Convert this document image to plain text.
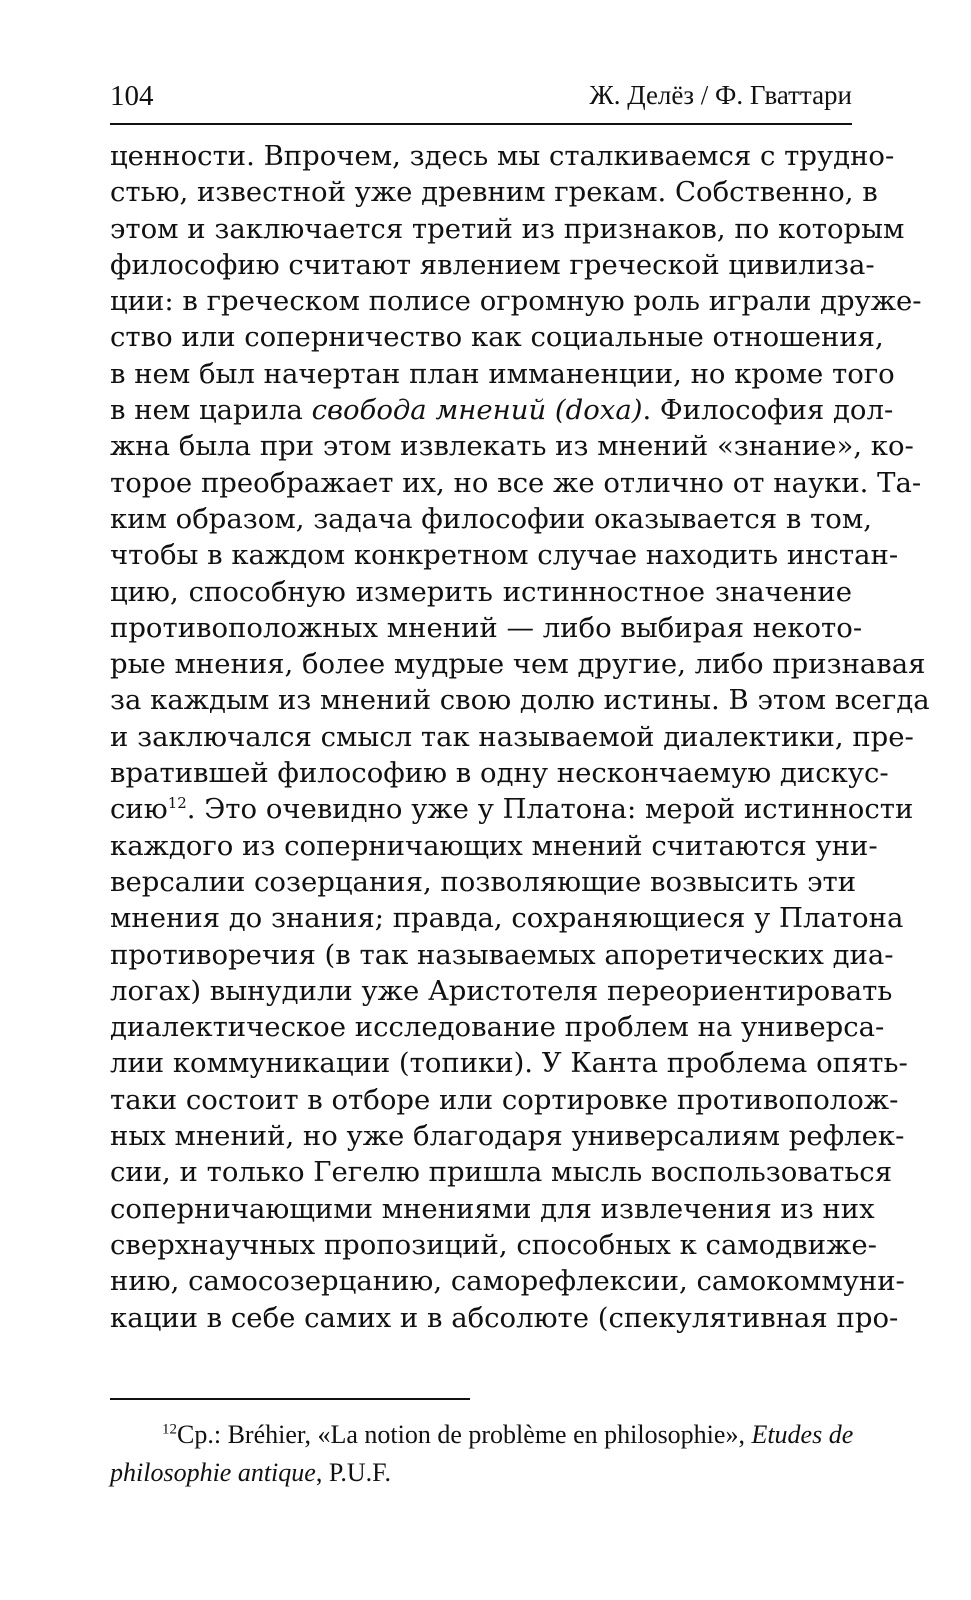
104	Ж. Делёз / Ф. Гваттари
ценности. Впрочем, здесь мы сталкиваемся с трудно-
стью, известной уже древним грекам. Собственно, в
этом и заключается третий из признаков, по которым
философию считают явлением греческой цивилиза-
ции: в греческом полисе огромную роль играли друже-
ство или соперничество как социальные отношения,
в нем был начертан план имманенции, но кроме того
в нем царила свобода мнений (doxa). Философия дол-
жна была при этом извлекать из мнений «знание», ко-
торое преображает их, но все же отлично от науки. Та-
ким образом, задача философии оказывается в том,
чтобы в каждом конкретном случае находить инстан-
цию, способную измерить истинностное значение
противоположных мнений — либо выбирая некото-
рые мнения, более мудрые чем другие, либо признавая
за каждым из мнений свою долю истины. В этом всегда
и заключался смысл так называемой диалектики, пре-
вратившей философию в одну нескончаемую дискус-
сию$^{12}$. Это очевидно уже у Платона: мерой истинности
каждого из соперничающих мнений считаются уни-
версалии созерцания, позволяющие возвысить эти
мнения до знания; правда, сохраняющиеся у Платона
противоречия (в так называемых апоретических диа-
логах) вынудили уже Аристотеля переориентировать
диалектическое исследование проблем на универса-
лии коммуникации (топики). У Канта проблема опять-
таки состоит в отборе или сортировке противополож-
ных мнений, но уже благодаря универсалиям рефлек-
сии, и только Гегелю пришла мысль воспользоваться
соперничающими мнениями для извлечения из них
сверхнаучных пропозиций, способных к самодвиже-
нию, самосозерцанию, саморефлексии, самокоммуни-
кации в себе самих и в абсолюте (спекулятивная про-
$^{12}$Ср.: Bréhier, «La notion de problème en philosophie», Etudes de
philosophie antique, P.U.F.
